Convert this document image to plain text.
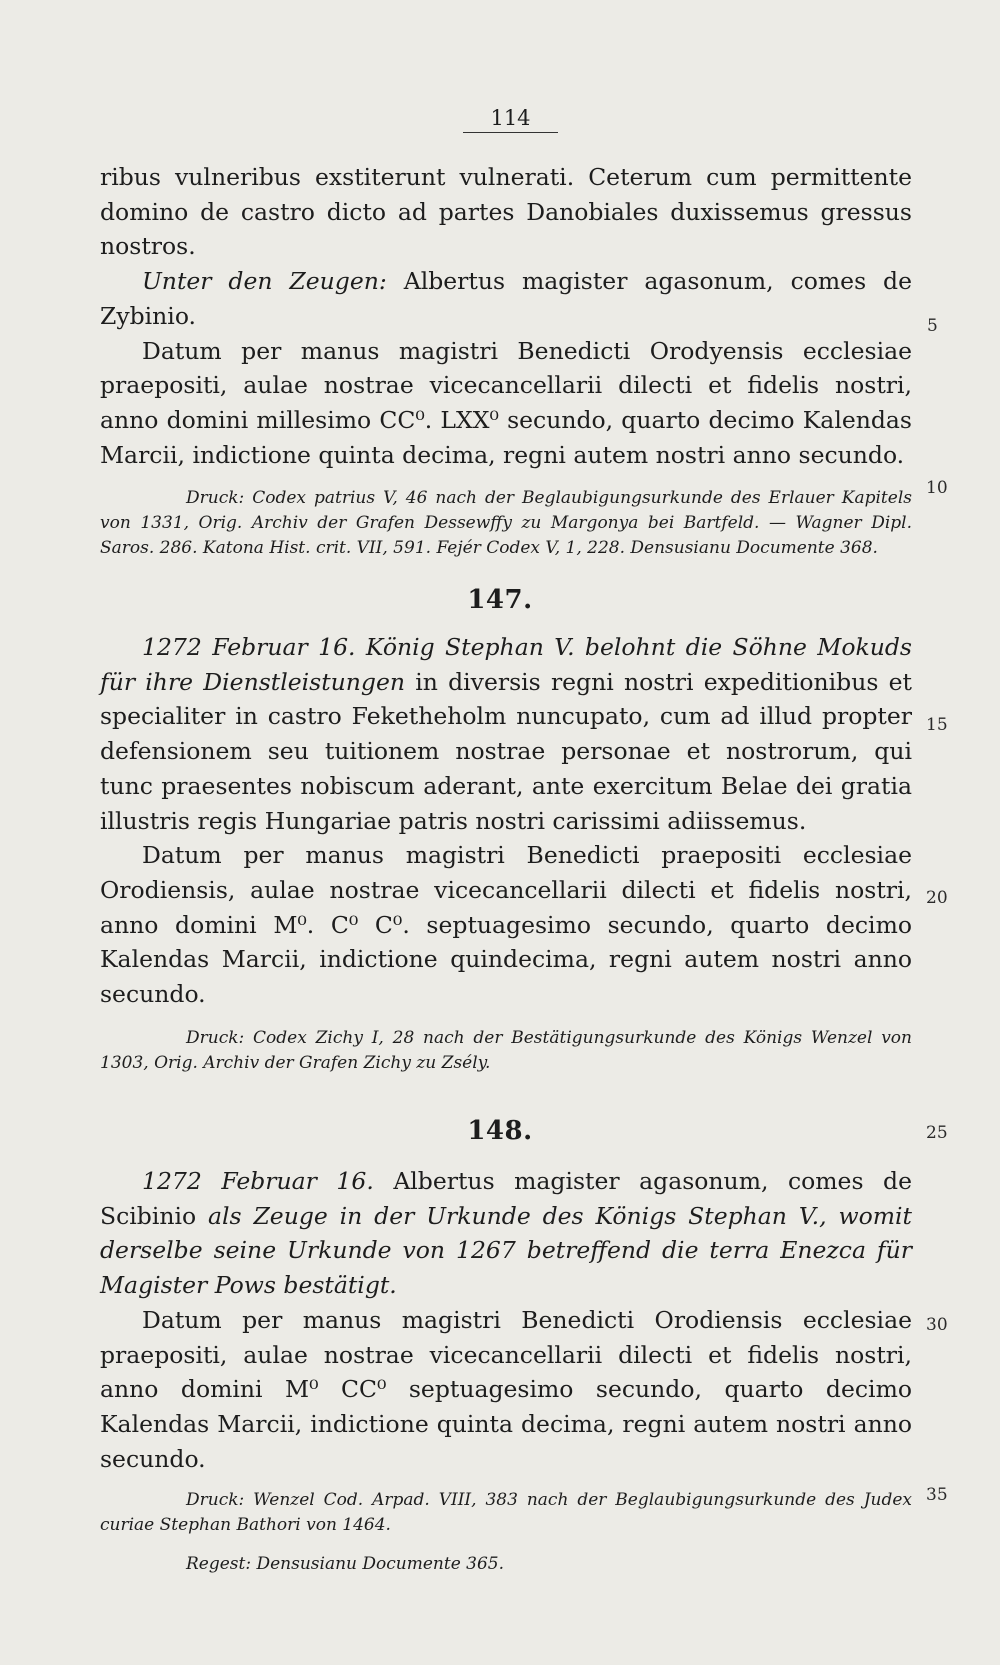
114

ribus vulneribus exstiterunt vulnerati. Ceterum cum permittente domino de castro dicto ad partes Danobiales duxissemus gressus nostros.

Unter den Zeugen: Albertus magister agasonum, comes de Zybinio.

Datum per manus magistri Benedicti Orodyensis ecclesiae praepositi, aulae nostrae vicecancellarii dilecti et fidelis nostri, anno domini millesimo CC⁰. LXX⁰ secundo, quarto decimo Kalendas Marcii, indictione quinta decima, regni autem nostri anno secundo.

Druck: Codex patrius V, 46 nach der Beglaubigungsurkunde des Erlauer Kapitels von 1331, Orig. Archiv der Grafen Dessewffy zu Margonya bei Bartfeld. — Wagner Dipl. Saros. 286. Katona Hist. crit. VII, 591. Fejér Codex V, 1, 228. Densusianu Documente 368.

147.

1272 Februar 16. König Stephan V. belohnt die Söhne Mokuds für ihre Dienstleistungen in diversis regni nostri expeditionibus et specialiter in castro Feketheholm nuncupato, cum ad illud propter defensionem seu tuitionem nostrae personae et nostrorum, qui tunc praesentes nobiscum aderant, ante exercitum Belae dei gratia illustris regis Hungariae patris nostri carissimi adiissemus.

Datum per manus magistri Benedicti praepositi ecclesiae Orodiensis, aulae nostrae vicecancellarii dilecti et fidelis nostri, anno domini M⁰. C⁰ C⁰. septuagesimo secundo, quarto decimo Kalendas Marcii, indictione quindecima, regni autem nostri anno secundo.

Druck: Codex Zichy I, 28 nach der Bestätigungsurkunde des Königs Wenzel von 1303, Orig. Archiv der Grafen Zichy zu Zsély.

148.

1272 Februar 16. Albertus magister agasonum, comes de Scibinio als Zeuge in der Urkunde des Königs Stephan V., womit derselbe seine Urkunde von 1267 betreffend die terra Enezca für Magister Pows bestätigt.

Datum per manus magistri Benedicti Orodiensis ecclesiae praepositi, aulae nostrae vicecancellarii dilecti et fidelis nostri, anno domini M⁰ CC⁰ septuagesimo secundo, quarto decimo Kalendas Marcii, indictione quinta decima, regni autem nostri anno secundo.

Druck: Wenzel Cod. Arpad. VIII, 383 nach der Beglaubigungsurkunde des Judex curiae Stephan Bathori von 1464.

Regest: Densusianu Documente 365.

5
10
15
20
25
30
35
